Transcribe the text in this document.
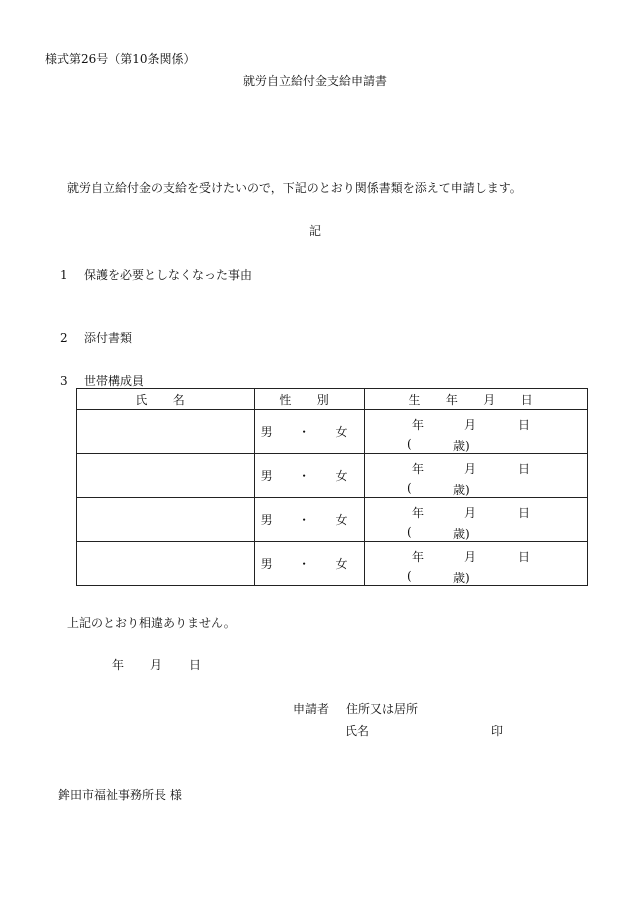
様式第26号（第10条関係）
就労自立給付金支給申請書
就労自立給付金の支給を受けたいので，下記のとおり関係書類を添えて申請します。
記
1 保護を必要としなくなった事由
2 添付書類
3 世帯構成員
氏 名	性 別	生 年 月 日
	男 ・ 女	年 月 日
( 歳)

	男 ・ 女	年 月 日
( 歳)

	男 ・ 女	年 月 日
( 歳)

	男 ・ 女	年 月 日
( 歳)
上記のとおり相違ありません。
年 月 日
申請者 住所又は居所
氏名	印
鉾田市福祉事務所長 様
